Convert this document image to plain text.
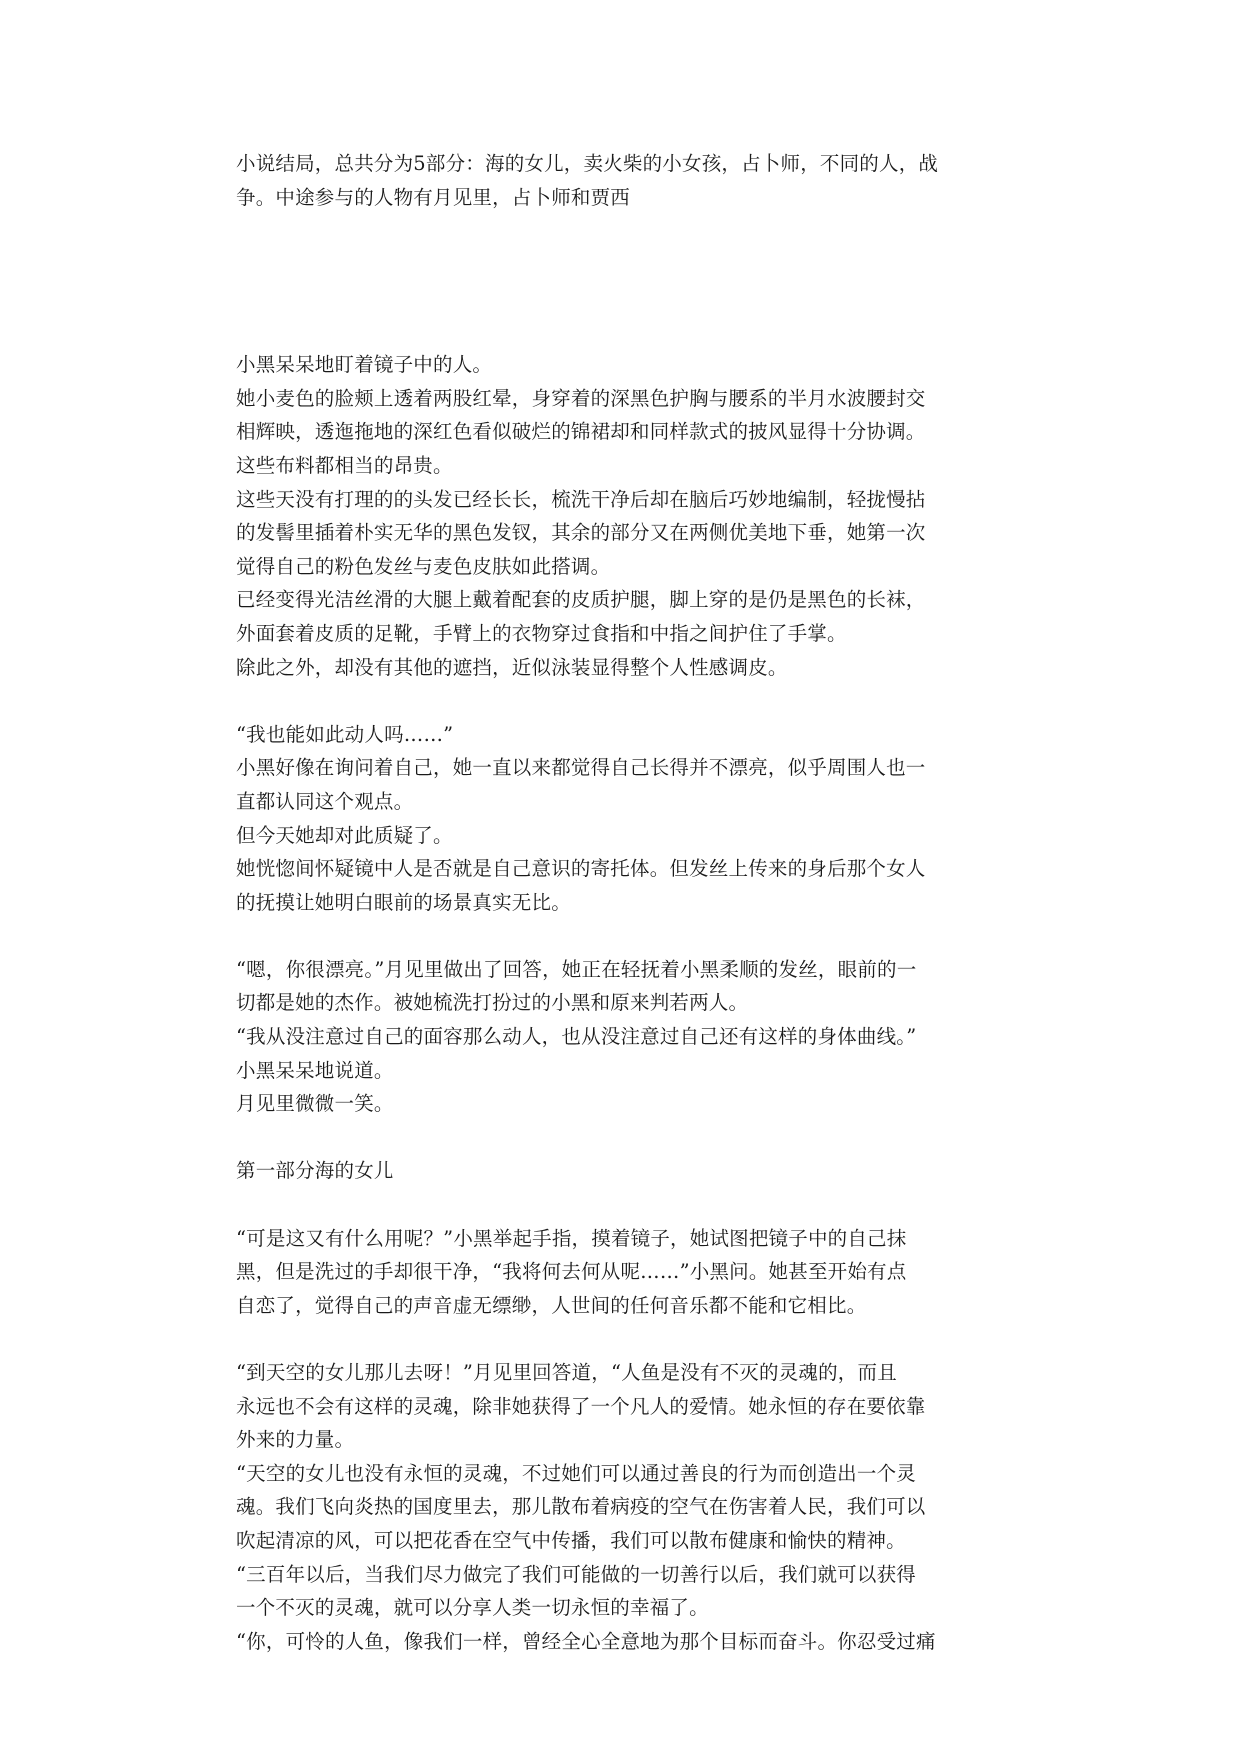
小说结局，总共分为5部分：海的女儿，卖火柴的小女孩，占卜师，不同的人，战
争。中途参与的人物有月见里，占卜师和贾西
小黑呆呆地盯着镜子中的人。
她小麦色的脸颊上透着两股红晕，身穿着的深黑色护胸与腰系的半月水波腰封交
相辉映，透迤拖地的深红色看似破烂的锦裙却和同样款式的披风显得十分协调。
这些布料都相当的昂贵。
这些天没有打理的的头发已经长长，梳洗干净后却在脑后巧妙地编制，轻拢慢拈
的发髻里插着朴实无华的黑色发钗，其余的部分又在两侧优美地下垂，她第一次
觉得自己的粉色发丝与麦色皮肤如此搭调。
已经变得光洁丝滑的大腿上戴着配套的皮质护腿，脚上穿的是仍是黑色的长袜，
外面套着皮质的足靴，手臂上的衣物穿过食指和中指之间护住了手掌。
除此之外，却没有其他的遮挡，近似泳装显得整个人性感调皮。
“我也能如此动人吗……”
小黑好像在询问着自己，她一直以来都觉得自己长得并不漂亮，似乎周围人也一
直都认同这个观点。
但今天她却对此质疑了。
她恍惚间怀疑镜中人是否就是自己意识的寄托体。但发丝上传来的身后那个女人
的抚摸让她明白眼前的场景真实无比。
“嗯，你很漂亮。”月见里做出了回答，她正在轻抚着小黑柔顺的发丝，眼前的一
切都是她的杰作。被她梳洗打扮过的小黑和原来判若两人。
“我从没注意过自己的面容那么动人，也从没注意过自己还有这样的身体曲线。”
小黑呆呆地说道。
月见里微微一笑。
第一部分海的女儿
“可是这又有什么用呢？”小黑举起手指，摸着镜子，她试图把镜子中的自己抹
黑，但是洗过的手却很干净，“我将何去何从呢……”小黑问。她甚至开始有点
自恋了，觉得自己的声音虚无缥缈，人世间的任何音乐都不能和它相比。
“到天空的女儿那儿去呀！”月见里回答道，“人鱼是没有不灭的灵魂的，而且
永远也不会有这样的灵魂，除非她获得了一个凡人的爱情。她永恒的存在要依靠
外来的力量。
“天空的女儿也没有永恒的灵魂，不过她们可以通过善良的行为而创造出一个灵
魂。我们飞向炎热的国度里去，那儿散布着病疫的空气在伤害着人民，我们可以
吹起清凉的风，可以把花香在空气中传播，我们可以散布健康和愉快的精神。
“三百年以后，当我们尽力做完了我们可能做的一切善行以后，我们就可以获得
一个不灭的灵魂，就可以分享人类一切永恒的幸福了。
“你，可怜的人鱼，像我们一样，曾经全心全意地为那个目标而奋斗。你忍受过痛
